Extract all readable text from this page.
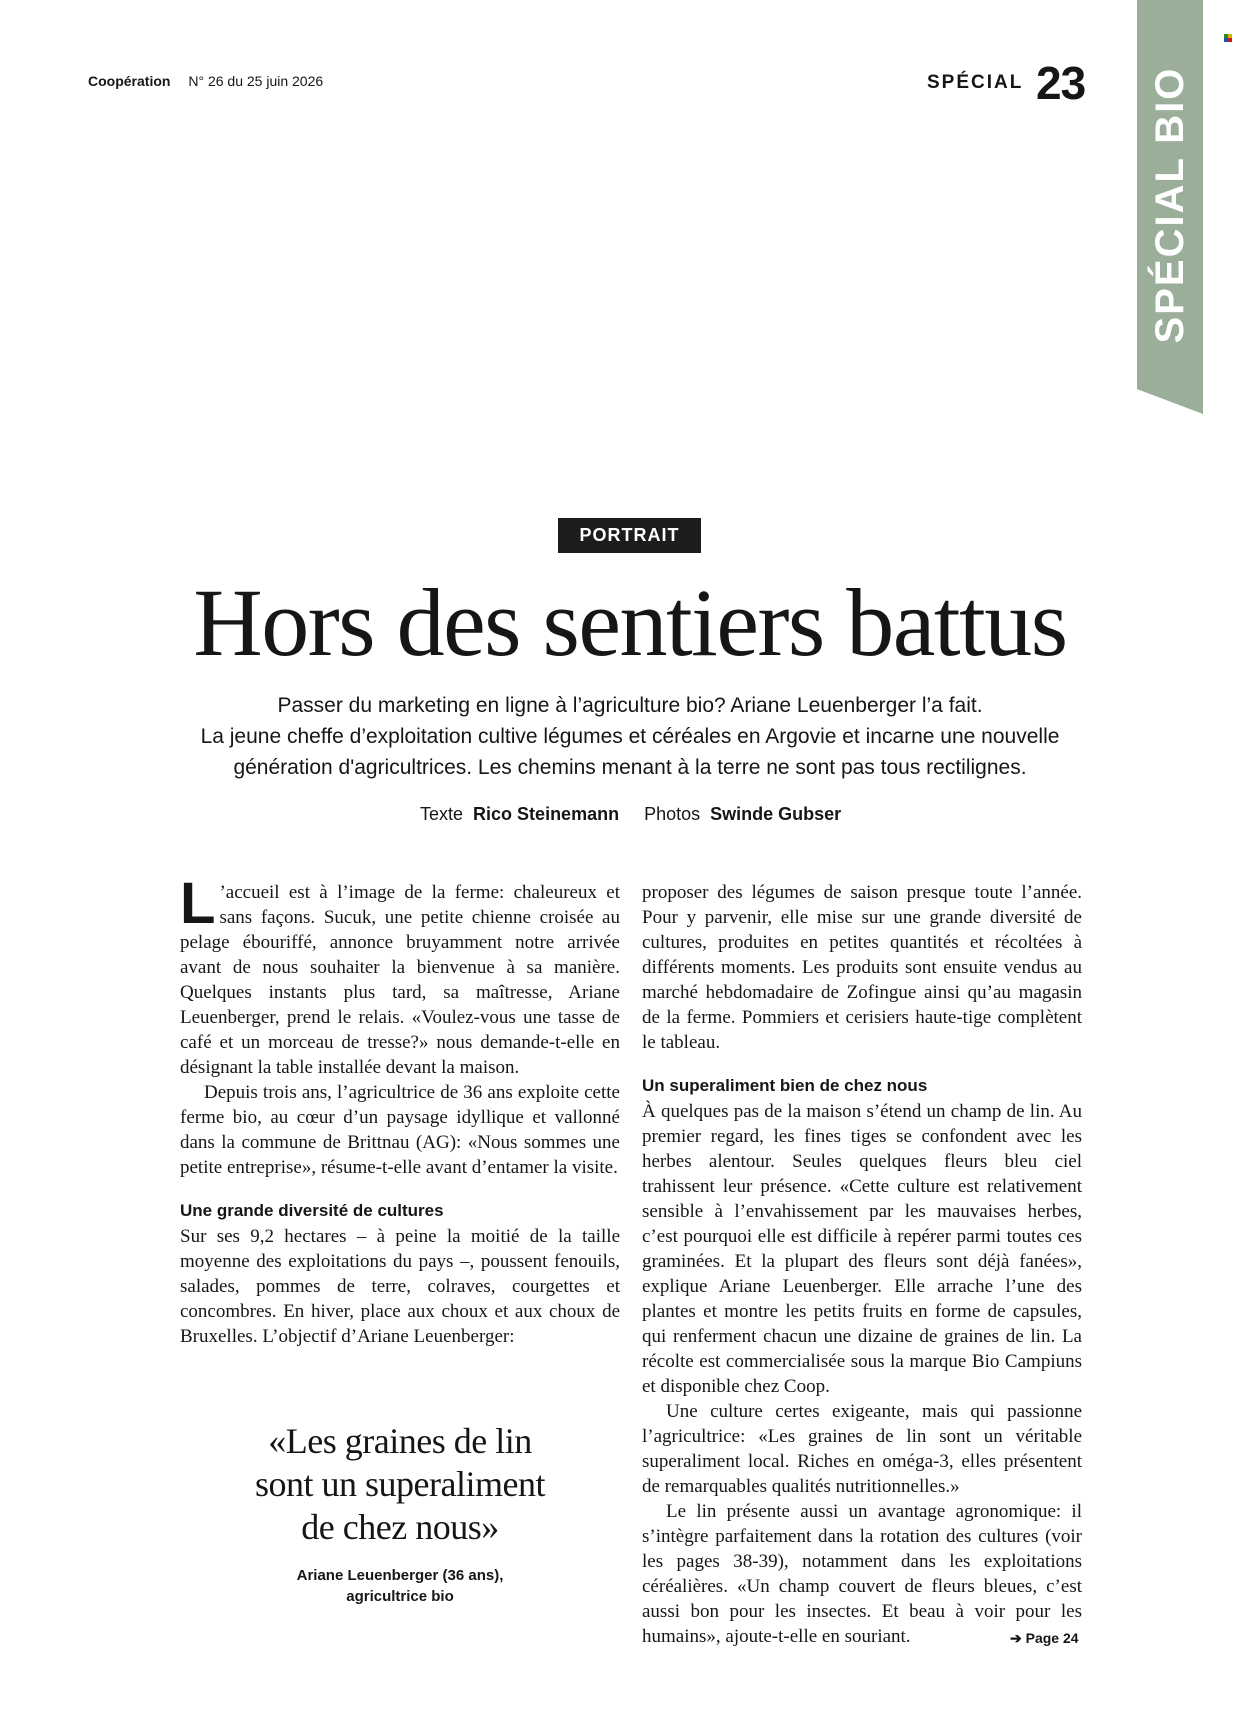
Coopération N° 26 du 25 juin 2026	SPÉCIAL 23 SPÉCIAL BIO
PORTRAIT
Hors des sentiers battus

Passer du marketing en ligne à l’agriculture bio? Ariane Leuenberger l’a fait.

La jeune cheffe d’exploitation cultive légumes et céréales en Argovie et incarne une nouvelle

génération d'agricultrices. Les chemins menant à la terre ne sont pas tous rectilignes.

Texte Rico Steinemann Photos Swinde Gubser

L ’accueil est à l’image de la ferme: chaleureux et sans façons. Sucuk, une petite chienne croisée au pelage ébouriffé, annonce bruyamment notre arrivée avant de nous souhaiter la bienvenue à sa manière. Quelques instants plus tard, sa maîtresse, Ariane Leuenberger, prend le relais. «Voulez-vous une tasse de café et un morceau de tresse?» nous demande-t-elle en désignant la table installée devant la maison.

Depuis trois ans, l’agricultrice de 36 ans exploite cette ferme bio, au cœur d’un paysage idyllique et vallonné dans la commune de Brittnau (AG): «Nous sommes une petite entreprise», résume-t-elle avant d’entamer la visite.

Une grande diversité de cultures

Sur ses 9,2 hectares – à peine la moitié de la taille moyenne des exploitations du pays –, poussent fenouils, salades, pommes de terre, colraves, courgettes et concombres. En hiver, place aux choux et aux choux de Bruxelles. L’objectif d’Ariane Leuenberger:

«Les graines de lin
sont un superaliment
de chez nous»
Ariane Leuenberger (36 ans),
agricultrice bio

proposer des légumes de saison presque toute l’année. Pour y parvenir, elle mise sur une grande diversité de cultures, produites en petites quantités et récoltées à différents moments. Les produits sont ensuite vendus au marché hebdomadaire de Zofingue ainsi qu’au magasin de la ferme. Pommiers et cerisiers haute-tige complètent le tableau.

Un superaliment bien de chez nous

À quelques pas de la maison s’étend un champ de lin. Au premier regard, les fines tiges se confondent avec les herbes alentour. Seules quelques fleurs bleu ciel trahissent leur présence. «Cette culture est relativement sensible à l’envahissement par les mauvaises herbes, c’est pourquoi elle est difficile à repérer parmi toutes ces graminées. Et la plupart des fleurs sont déjà fanées», explique Ariane Leuenberger. Elle arrache l’une des plantes et montre les petits fruits en forme de capsules, qui renferment chacun une dizaine de graines de lin. La récolte est commercialisée sous la marque Bio Campiuns et disponible chez Coop.

Une culture certes exigeante, mais qui passionne l’agricultrice: «Les graines de lin sont un véritable superaliment local. Riches en oméga-3, elles présentent de remarquables qualités nutritionnelles.»

Le lin présente aussi un avantage agronomique: il s’intègre parfaitement dans la rotation des cultures (voir les pages 38-39), notamment dans les exploitations céréalières. «Un champ couvert de fleurs bleues, c’est aussi bon pour les insectes. Et beau à voir pour les humains», ajoute-t-elle en souriant.	➔ Page 24
